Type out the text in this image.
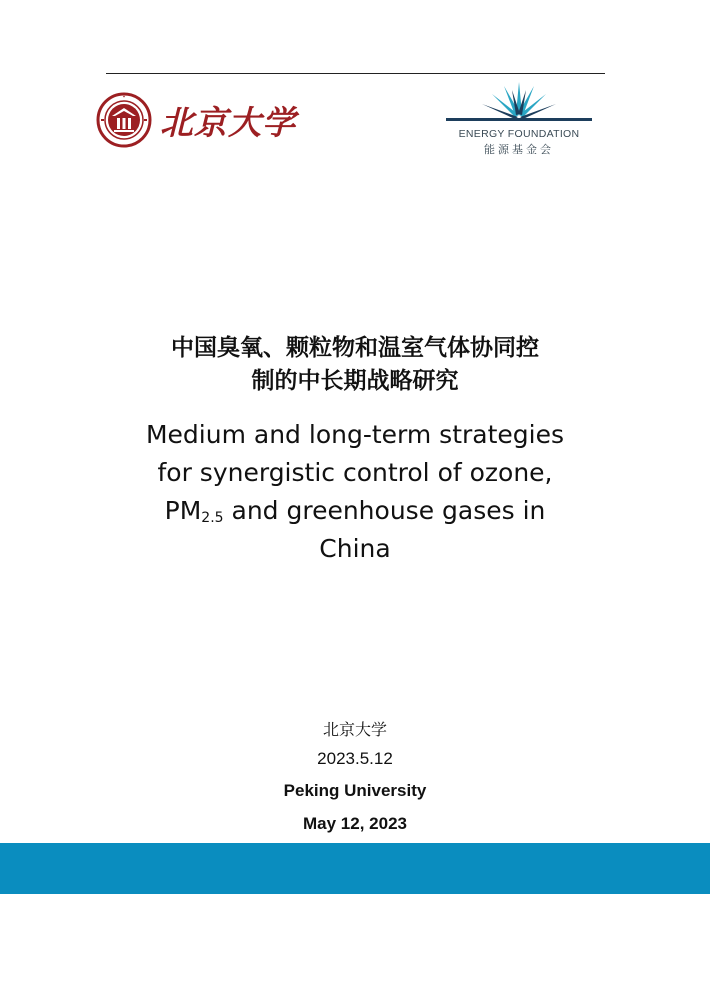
北京大学	ENERGY FOUNDATION
能源基金会
中国臭氧、颗粒物和温室气体协同控
制的中长期战略研究
Medium and long-term strategies
for synergistic control of ozone,
$PM_{2.5}$ and greenhouse gases in
China
北京大学
2023.5.12
Peking University
May 12, 2023
